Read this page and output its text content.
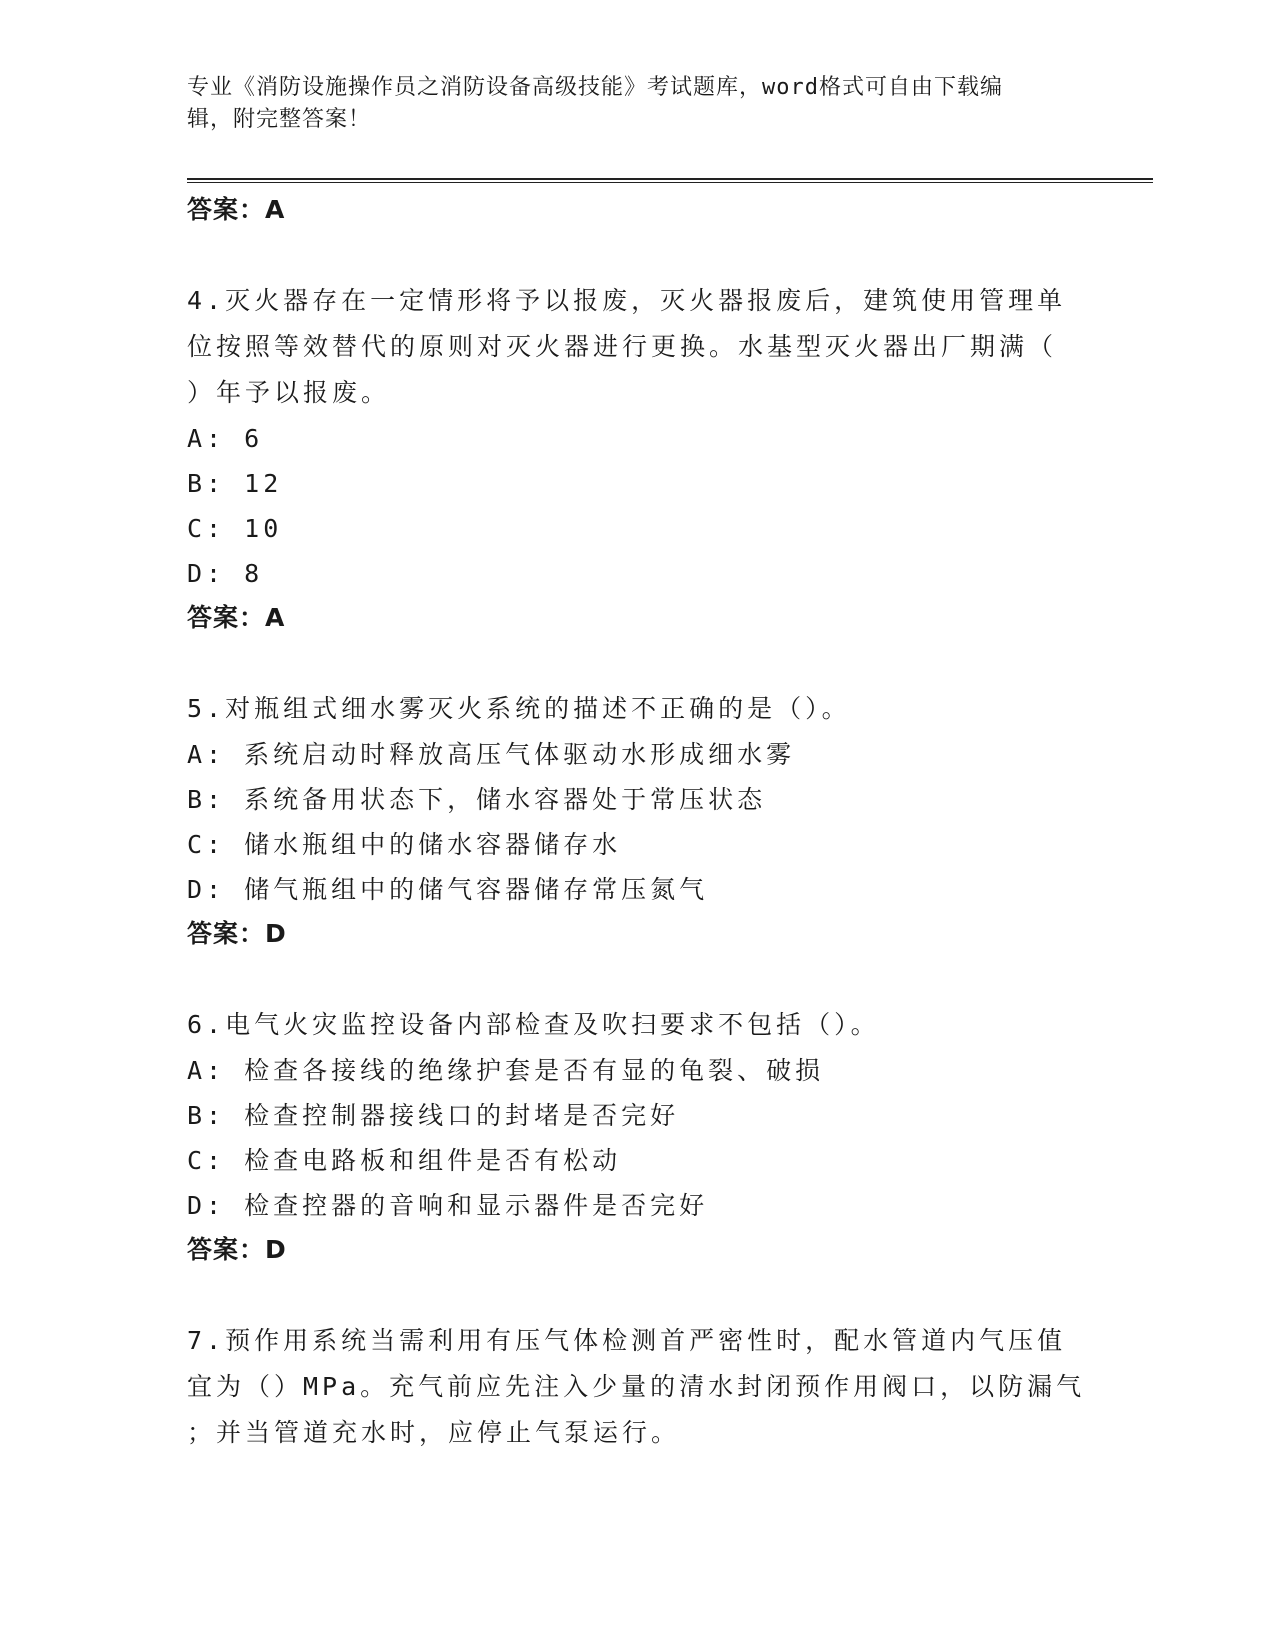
专业《消防设施操作员之消防设备高级技能》考试题库，word格式可自由下载编
辑，附完整答案！
答案：A
4.灭火器存在一定情形将予以报废，灭火器报废后，建筑使用管理单
位按照等效替代的原则对灭火器进行更换。水基型灭火器出厂期满（
）年予以报废。
A: 6
B: 12
C: 10
D: 8
答案：A
5.对瓶组式细水雾灭火系统的描述不正确的是（）。
A: 系统启动时释放高压气体驱动水形成细水雾
B: 系统备用状态下，储水容器处于常压状态
C: 储水瓶组中的储水容器储存水
D: 储气瓶组中的储气容器储存常压氮气
答案：D
6.电气火灾监控设备内部检查及吹扫要求不包括（）。
A: 检查各接线的绝缘护套是否有显的龟裂、破损
B: 检查控制器接线口的封堵是否完好
C: 检查电路板和组件是否有松动
D: 检查控器的音响和显示器件是否完好
答案：D
7.预作用系统当需利用有压气体检测首严密性时，配水管道内气压值
宜为（）MPa。充气前应先注入少量的清水封闭预作用阀口，以防漏气
；并当管道充水时，应停止气泵运行。
